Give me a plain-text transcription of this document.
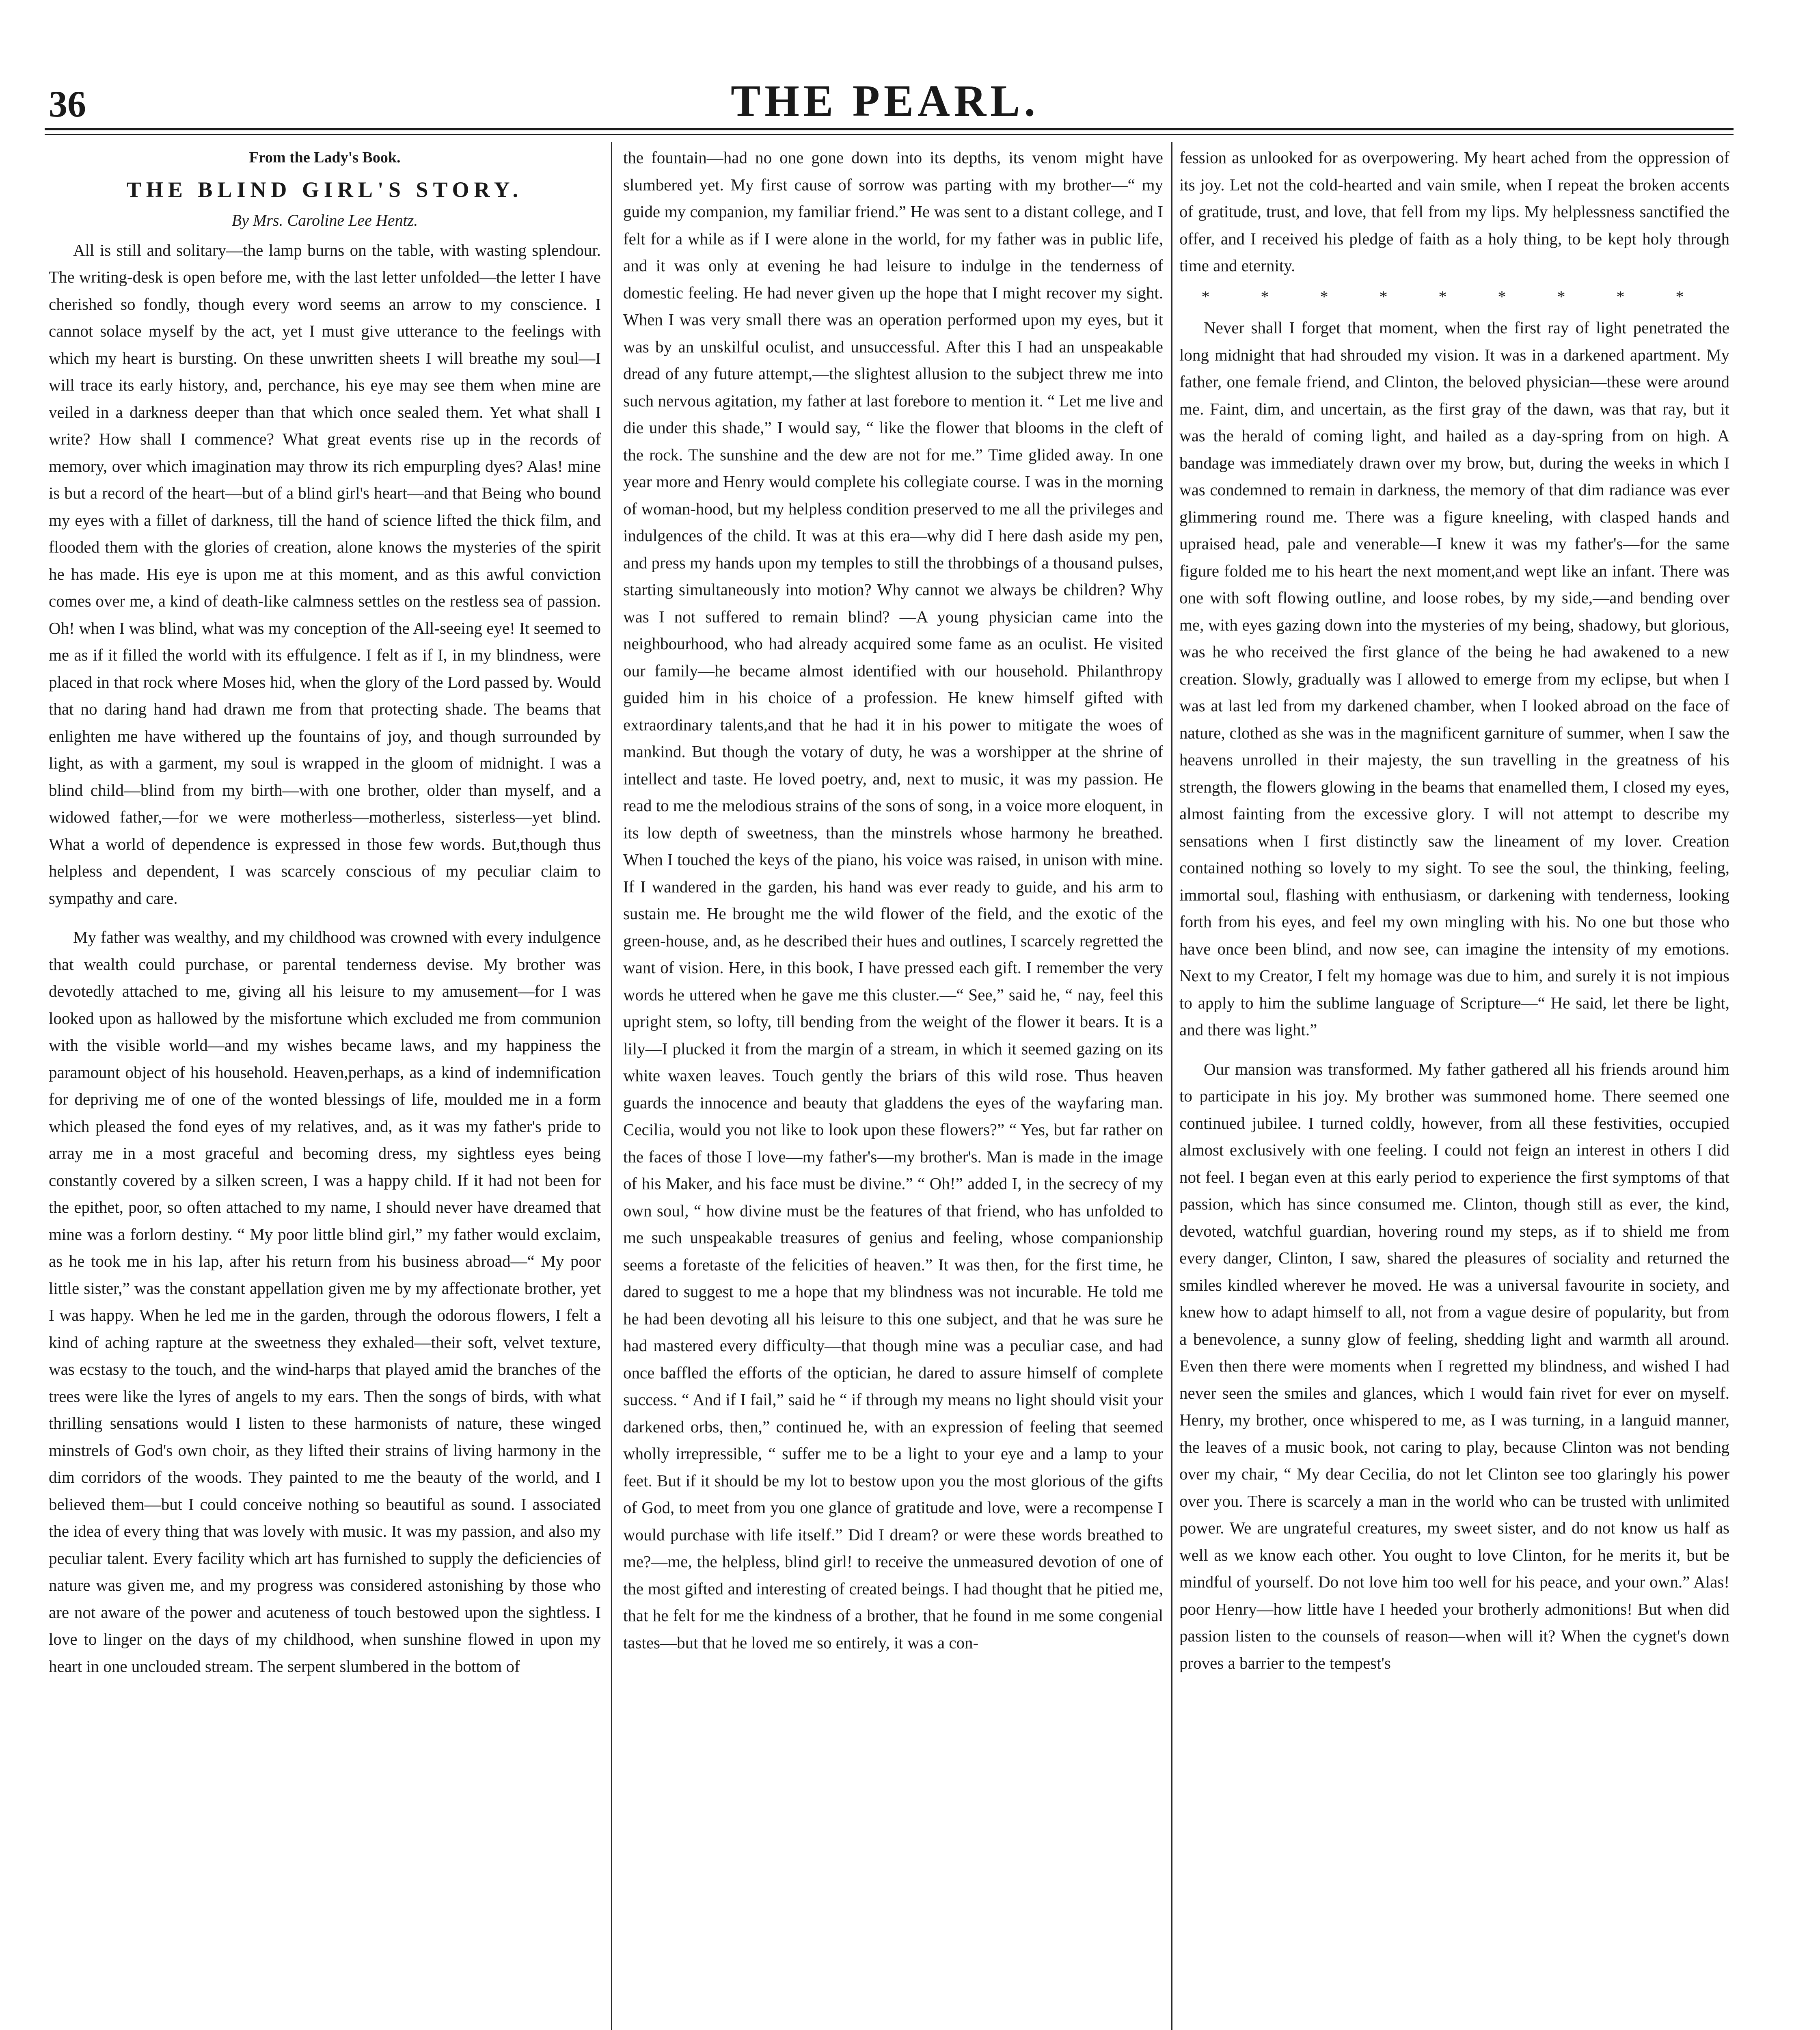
36	THE PEARL.

From the Lady's Book.

THE BLIND GIRL'S STORY.

By Mrs. Caroline Lee Hentz.

All is still and solitary—the lamp burns on the table, with wasting splendour. The writing-desk is open before me, with the last letter unfolded—the letter I have cherished so fondly, though every word seems an arrow to my conscience. I cannot solace myself by the act, yet I must give utterance to the feelings with which my heart is bursting. On these unwritten sheets I will breathe my soul—I will trace its early history, and, perchance, his eye may see them when mine are veiled in a darkness deeper than that which once sealed them. Yet what shall I write? How shall I commence? What great events rise up in the records of memory, over which imagination may throw its rich empurpling dyes? Alas! mine is but a record of the heart—but of a blind girl's heart—and that Being who bound my eyes with a fillet of darkness, till the hand of science lifted the thick film, and flooded them with the glories of creation, alone knows the mysteries of the spirit he has made. His eye is upon me at this moment, and as this awful conviction comes over me, a kind of death-like calmness settles on the restless sea of passion. Oh! when I was blind, what was my conception of the All-seeing eye! It seemed to me as if it filled the world with its effulgence. I felt as if I, in my blindness, were placed in that rock where Moses hid, when the glory of the Lord passed by. Would that no daring hand had drawn me from that protecting shade. The beams that enlighten me have withered up the fountains of joy, and though surrounded by light, as with a garment, my soul is wrapped in the gloom of midnight. I was a blind child—blind from my birth—with one brother, older than myself, and a widowed father,—for we were motherless—motherless, sisterless—yet blind. What a world of dependence is expressed in those few words. But,though thus helpless and dependent, I was scarcely conscious of my peculiar claim to sympathy and care.

My father was wealthy, and my childhood was crowned with every indulgence that wealth could purchase, or parental tenderness devise. My brother was devotedly attached to me, giving all his leisure to my amusement—for I was looked upon as hallowed by the misfortune which excluded me from communion with the visible world—and my wishes became laws, and my happiness the paramount object of his household. Heaven,perhaps, as a kind of indemnification for depriving me of one of the wonted blessings of life, moulded me in a form which pleased the fond eyes of my relatives, and, as it was my father's pride to array me in a most graceful and becoming dress, my sightless eyes being constantly covered by a silken screen, I was a happy child. If it had not been for the epithet, poor, so often attached to my name, I should never have dreamed that mine was a forlorn destiny. “ My poor little blind girl,” my father would exclaim, as he took me in his lap, after his return from his business abroad—“ My poor little sister,” was the constant appellation given me by my affectionate brother, yet I was happy. When he led me in the garden, through the odorous flowers, I felt a kind of aching rapture at the sweetness they exhaled—their soft, velvet texture, was ecstasy to the touch, and the wind-harps that played amid the branches of the trees were like the lyres of angels to my ears. Then the songs of birds, with what thrilling sensations would I listen to these harmonists of nature, these winged minstrels of God's own choir, as they lifted their strains of living harmony in the dim corridors of the woods. They painted to me the beauty of the world, and I believed them—but I could conceive nothing so beautiful as sound. I associated the idea of every thing that was lovely with music. It was my passion, and also my peculiar talent. Every facility which art has furnished to supply the deficiencies of nature was given me, and my progress was considered astonishing by those who are not aware of the power and acuteness of touch bestowed upon the sightless. I love to linger on the days of my childhood, when sunshine flowed in upon my heart in one unclouded stream. The serpent slumbered in the bottom of

the fountain—had no one gone down into its depths, its venom might have slumbered yet. My first cause of sorrow was parting with my brother—“ my guide my companion, my familiar friend.” He was sent to a distant college, and I felt for a while as if I were alone in the world, for my father was in public life, and it was only at evening he had leisure to indulge in the tenderness of domestic feeling. He had never given up the hope that I might recover my sight. When I was very small there was an operation performed upon my eyes, but it was by an unskilful oculist, and unsuccessful. After this I had an unspeakable dread of any future attempt,—the slightest allusion to the subject threw me into such nervous agitation, my father at last forebore to mention it. “ Let me live and die under this shade,” I would say, “ like the flower that blooms in the cleft of the rock. The sunshine and the dew are not for me.” Time glided away. In one year more and Henry would complete his collegiate course. I was in the morning of woman-hood, but my helpless condition preserved to me all the privileges and indulgences of the child. It was at this era—why did I here dash aside my pen, and press my hands upon my temples to still the throbbings of a thousand pulses, starting simultaneously into motion? Why cannot we always be children? Why was I not suffered to remain blind? —A young physician came into the neighbourhood, who had already acquired some fame as an oculist. He visited our family—he became almost identified with our household. Philanthropy guided him in his choice of a profession. He knew himself gifted with extraordinary talents,and that he had it in his power to mitigate the woes of mankind. But though the votary of duty, he was a worshipper at the shrine of intellect and taste. He loved poetry, and, next to music, it was my passion. He read to me the melodious strains of the sons of song, in a voice more eloquent, in its low depth of sweetness, than the minstrels whose harmony he breathed. When I touched the keys of the piano, his voice was raised, in unison with mine. If I wandered in the garden, his hand was ever ready to guide, and his arm to sustain me. He brought me the wild flower of the field, and the exotic of the green-house, and, as he described their hues and outlines, I scarcely regretted the want of vision. Here, in this book, I have pressed each gift. I remember the very words he uttered when he gave me this cluster.—“ See,” said he, “ nay, feel this upright stem, so lofty, till bending from the weight of the flower it bears. It is a lily—I plucked it from the margin of a stream, in which it seemed gazing on its white waxen leaves. Touch gently the briars of this wild rose. Thus heaven guards the innocence and beauty that gladdens the eyes of the wayfaring man. Cecilia, would you not like to look upon these flowers?” “ Yes, but far rather on the faces of those I love—my father's—my brother's. Man is made in the image of his Maker, and his face must be divine.” “ Oh!” added I, in the secrecy of my own soul, “ how divine must be the features of that friend, who has unfolded to me such unspeakable treasures of genius and feeling, whose companionship seems a foretaste of the felicities of heaven.” It was then, for the first time, he dared to suggest to me a hope that my blindness was not incurable. He told me he had been devoting all his leisure to this one subject, and that he was sure he had mastered every difficulty—that though mine was a peculiar case, and had once baffled the efforts of the optician, he dared to assure himself of complete success. “ And if I fail,” said he “ if through my means no light should visit your darkened orbs, then,” continued he, with an expression of feeling that seemed wholly irrepressible, “ suffer me to be a light to your eye and a lamp to your feet. But if it should be my lot to bestow upon you the most glorious of the gifts of God, to meet from you one glance of gratitude and love, were a recompense I would purchase with life itself.” Did I dream? or were these words breathed to me?—me, the helpless, blind girl! to receive the unmeasured devotion of one of the most gifted and interesting of created beings. I had thought that he pitied me, that he felt for me the kindness of a brother, that he found in me some congenial tastes—but that he loved me so entirely, it was a con-

fession as unlooked for as overpowering. My heart ached from the oppression of its joy. Let not the cold-hearted and vain smile, when I repeat the broken accents of gratitude, trust, and love, that fell from my lips. My helplessness sanctified the offer, and I received his pledge of faith as a holy thing, to be kept holy through time and eternity.

* * * * * * * * *

Never shall I forget that moment, when the first ray of light penetrated the long midnight that had shrouded my vision. It was in a darkened apartment. My father, one female friend, and Clinton, the beloved physician—these were around me. Faint, dim, and uncertain, as the first gray of the dawn, was that ray, but it was the herald of coming light, and hailed as a day-spring from on high. A bandage was immediately drawn over my brow, but, during the weeks in which I was condemned to remain in darkness, the memory of that dim radiance was ever glimmering round me. There was a figure kneeling, with clasped hands and upraised head, pale and venerable—I knew it was my father's—for the same figure folded me to his heart the next moment,and wept like an infant. There was one with soft flowing outline, and loose robes, by my side,—and bending over me, with eyes gazing down into the mysteries of my being, shadowy, but glorious, was he who received the first glance of the being he had awakened to a new creation. Slowly, gradually was I allowed to emerge from my eclipse, but when I was at last led from my darkened chamber, when I looked abroad on the face of nature, clothed as she was in the magnificent garniture of summer, when I saw the heavens unrolled in their majesty, the sun travelling in the greatness of his strength, the flowers glowing in the beams that enamelled them, I closed my eyes, almost fainting from the excessive glory. I will not attempt to describe my sensations when I first distinctly saw the lineament of my lover. Creation contained nothing so lovely to my sight. To see the soul, the thinking, feeling, immortal soul, flashing with enthusiasm, or darkening with tenderness, looking forth from his eyes, and feel my own mingling with his. No one but those who have once been blind, and now see, can imagine the intensity of my emotions. Next to my Creator, I felt my homage was due to him, and surely it is not impious to apply to him the sublime language of Scripture—“ He said, let there be light, and there was light.”

Our mansion was transformed. My father gathered all his friends around him to participate in his joy. My brother was summoned home. There seemed one continued jubilee. I turned coldly, however, from all these festivities, occupied almost exclusively with one feeling. I could not feign an interest in others I did not feel. I began even at this early period to experience the first symptoms of that passion, which has since consumed me. Clinton, though still as ever, the kind, devoted, watchful guardian, hovering round my steps, as if to shield me from every danger, Clinton, I saw, shared the pleasures of sociality and returned the smiles kindled wherever he moved. He was a universal favourite in society, and knew how to adapt himself to all, not from a vague desire of popularity, but from a benevolence, a sunny glow of feeling, shedding light and warmth all around. Even then there were moments when I regretted my blindness, and wished I had never seen the smiles and glances, which I would fain rivet for ever on myself. Henry, my brother, once whispered to me, as I was turning, in a languid manner, the leaves of a music book, not caring to play, because Clinton was not bending over my chair, “ My dear Cecilia, do not let Clinton see too glaringly his power over you. There is scarcely a man in the world who can be trusted with unlimited power. We are ungrateful creatures, my sweet sister, and do not know us half as well as we know each other. You ought to love Clinton, for he merits it, but be mindful of yourself. Do not love him too well for his peace, and your own.” Alas! poor Henry—how little have I heeded your brotherly admonitions! But when did passion listen to the counsels of reason—when will it? When the cygnet's down proves a barrier to the tempest's
